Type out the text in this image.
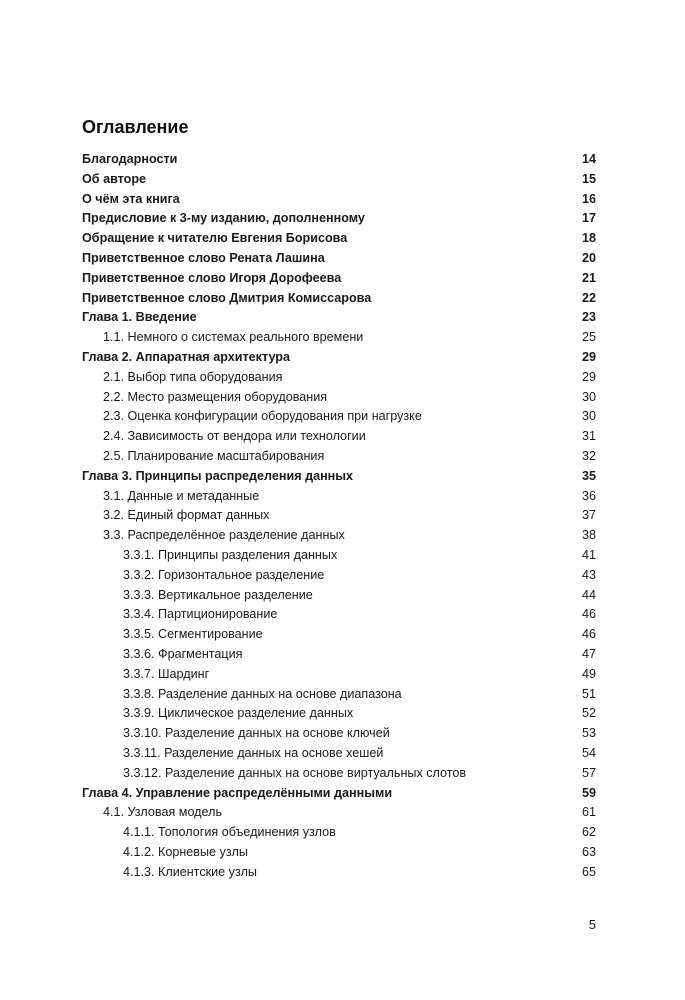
Оглавление
Благодарности	14
Об авторе	15
О чём эта книга	16
Предисловие к 3-му изданию, дополненному	17
Обращение к читателю Евгения Борисова	18
Приветственное слово Рената Лашина	20
Приветственное слово Игоря Дорофеева	21
Приветственное слово Дмитрия Комиссарова	22
Глава 1. Введение	23
1.1. Немного о системах реального времени	25
Глава 2. Аппаратная архитектура	29
2.1. Выбор типа оборудования	29
2.2. Место размещения оборудования	30
2.3. Оценка конфигурации оборудования при нагрузке	30
2.4. Зависимость от вендора или технологии	31
2.5. Планирование масштабирования	32
Глава 3. Принципы распределения данных	35
3.1. Данные и метаданные	36
3.2. Единый формат данных	37
3.3. Распределённое разделение данных	38
3.3.1. Принципы разделения данных	41
3.3.2. Горизонтальное разделение	43
3.3.3. Вертикальное разделение	44
3.3.4. Партиционирование	46
3.3.5. Сегментирование	46
3.3.6. Фрагментация	47
3.3.7. Шардинг	49
3.3.8. Разделение данных на основе диапазона	51
3.3.9. Циклическое разделение данных	52
3.3.10. Разделение данных на основе ключей	53
3.3.11. Разделение данных на основе хешей	54
3.3.12. Разделение данных на основе виртуальных слотов	57
Глава 4. Управление распределёнными данными	59
4.1. Узловая модель	61
4.1.1. Топология объединения узлов	62
4.1.2. Корневые узлы	63
4.1.3. Клиентские узлы	65
5
